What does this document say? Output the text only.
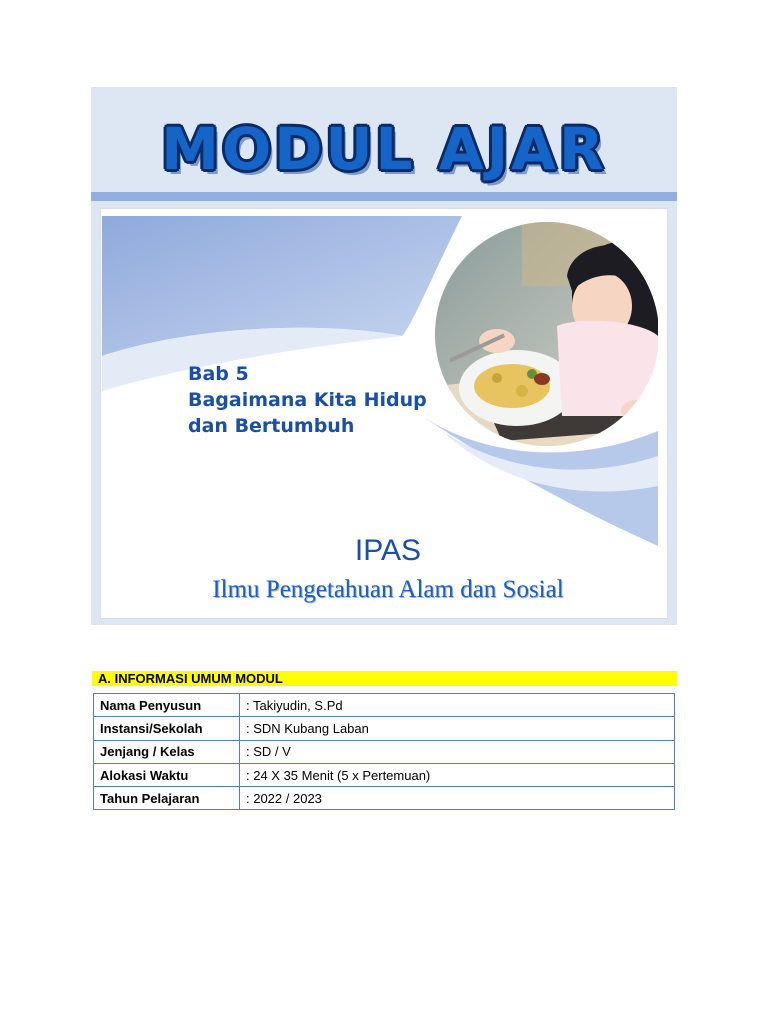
MODUL AJAR
Bab 5
Bagaimana Kita Hidup
dan Bertumbuh
IPAS
Ilmu Pengetahuan Alam dan Sosial
A. INFORMASI UMUM MODUL
Nama Penyusun	: Takiyudin, S.Pd
Instansi/Sekolah	: SDN Kubang Laban
Jenjang / Kelas	: SD / V
Alokasi Waktu	: 24 X 35 Menit (5 x Pertemuan)
Tahun Pelajaran	: 2022 / 2023
